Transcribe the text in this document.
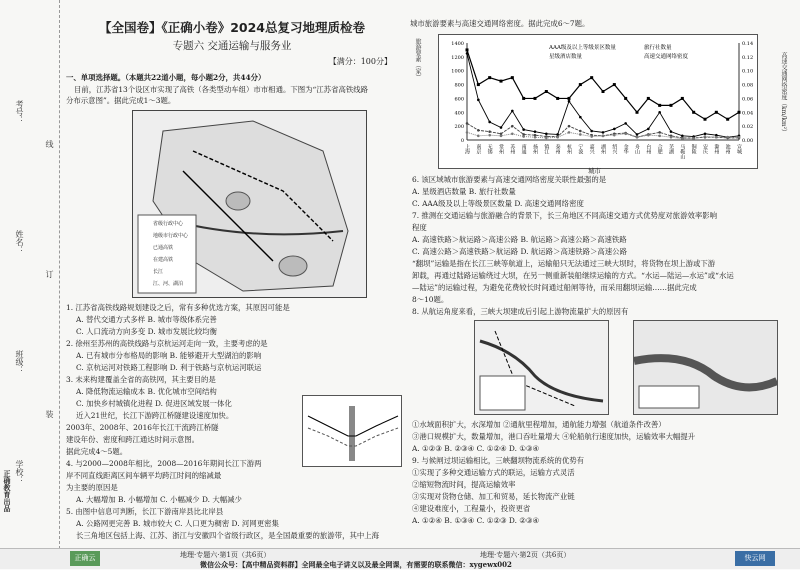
考号：
姓名：
班级：
学校：
正确教育出品
线
订
装
【全国卷】《正确小卷》2024总复习地理质检卷
专题六 交通运输与服务业
【满分：100分】
一、单项选择题。（本题共22道小题，每小题2分，共44分）
目前，江苏省13个设区市实现了高铁（各类型动车组）市市相通。下图为“江苏省高铁线路
分布示意图”。据此完成1～3题。
省级行政中心
地级市行政中心
已通高铁
在建高铁
长江
江、河、湖泊
1. 江苏省高铁线路规划建设之后，常有多种优选方案，其原因可能是
A. 替代交通方式多样 B. 城市等级体系完善
C. 人口流动方向多变 D. 城市发展比较均衡
2. 徐州至苏州的高铁线路与京杭运河走向一致，主要考虑的是
A. 已有城市分布格局的影响 B. 能够避开大型湖泊的影响
C. 京杭运河对铁路工程影响 D. 利于铁路与京杭运河联运
3. 未来构建覆盖全省的高铁网，其主要目的是
A. 降低物流运输成本 B. 优化城市空间结构
C. 加快乡村城镇化进程 D. 促进区域发展一体化
近入21世纪，长江下游跨江桥隧建设速度加快。
2003年、2008年、2016年长江干流跨江桥隧
建设年份、密度和跨江通达时间示意图。
据此完成4～5题。
4. 与2000—2008年相比，2008—2016年期间长江下游两
岸不同直线距离区间车辆平均跨江时间的缩减最
为主要的原因是
A. 大幅增加 B. 小幅增加 C. 小幅减少 D. 大幅减少
5. 由图中信息可判断，长江下游南岸县比北岸县
A. 公路网更完善 B. 城市较大 C. 人口更为稠密 D. 河网更密集
长三角地区包括上海、江苏、浙江与安徽四个省级行政区，是全国最重要的旅游带，其中上海
城市旅游要素与高速交通网络密度。据此完成6～7题。
0
200
400
600
800
1000
1200
1400
0.00
0.02
0.04
0.06
0.08
0.10
0.12
0.14
上海 南京 无锡 常州 苏州 南通 扬州 镇江 泰州 杭州 宁波 嘉兴 湖州 绍兴 金华 舟山 台州 合肥 芜湖 马鞍山 铜陵 安庆 滁州 池州 宣城
AAA级及以上等级景区数量	旅行社数量
星级酒店数量	高速交通网络密度
旅游要素（家）	高速交通网络密度（km/km²）
城市
6. 该区域城市旅游要素与高速交通网络密度关联性最强的是
A. 星级酒店数量 B. 旅行社数量
C. AAA级及以上等级景区数量 D. 高速交通网络密度
7. 推测在交通运输与旅游融合的背景下，长三角地区不同高速交通方式优势度对旅游效率影响
程度
A. 高速铁路＞航运路＞高速公路 B. 航运路＞高速公路＞高速铁路
C. 高速公路＞高速铁路＞航运路 D. 航运路＞高速铁路＞高速公路
“翻坝”运输是指在长江三峡等航道上，运输船只无法通过三峡大坝时，将货物在坝上游或下游
卸载，再通过陆路运输绕过大坝，在另一侧重新装船继续运输的方式。“水运—陆运—水运”或“水运
—陆运”的运输过程，为避免花费较长时间通过船闸等待，而采用翻坝运输……据此完成
8～10题。
8. 从航运角度来看，三峡大坝建成后引起上游物流量扩大的原因有
①水域面积扩大，水深增加 ②通航里程增加，通航能力增强（航道条件改善）
③港口规模扩大，数量增加，港口吞吐量增大 ④轮船航行速度加快，运输效率大幅提升
A. ①②③ B. ②③④ C. ①②④ D. ①③④
9. 与候闸过坝运输相比，三峡翻坝物流系统的优势有
①实现了多种交通运输方式的联运，运输方式灵活
②缩短物流时间，提高运输效率
③实现对货物仓储、加工和贸易，延长物流产业链
④建设难度小，工程量小，投资更省
A. ①②④ B. ①③④ C. ①②③ D. ②③④
正确云	地理·专题六·第1页（共6页）	地理·专题六·第2页（共6页）
微信公众号：【高中精品资料群】全网最全电子讲义以及最全网课，有需要的联系微信：xygewx002
快云网
